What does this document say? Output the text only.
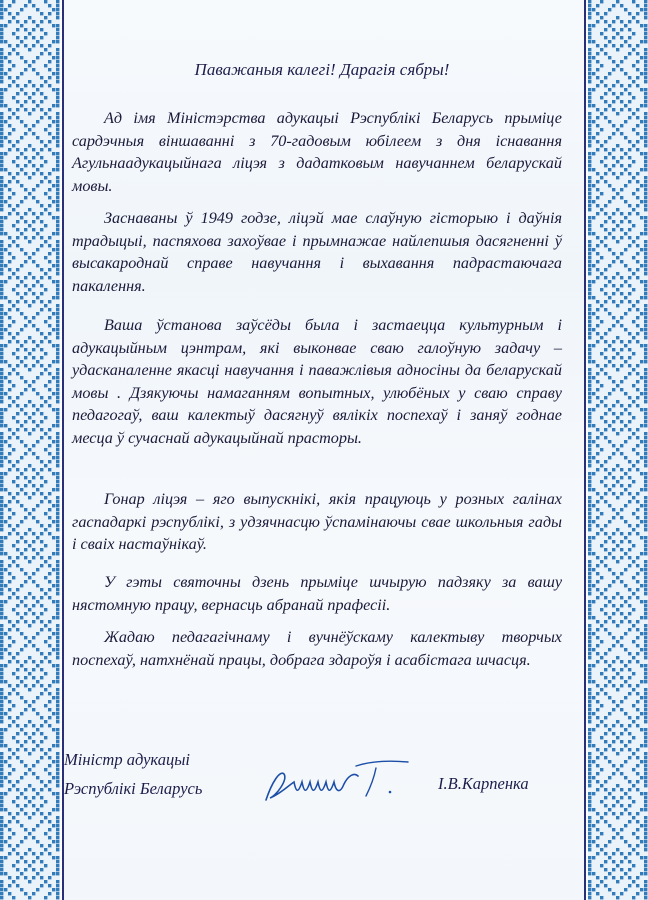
Паважаныя калегі! Дарагія сябры!

Ад імя Міністэрства адукацыі Рэспублікі Беларусь прыміце сардэчныя віншаванні з 70-гадовым юбілеем з дня існавання Агульнаадукацыйнага ліцэя з дадатковым навучаннем беларускай мовы.

Заснаваны ў 1949 годзе, ліцэй мае слаўную гісторыю і даўнія традыцыі, паспяхова захоўвае і прымнажае найлепшыя дасягненні ў высакароднай справе навучання і выхавання падрастаючага пакалення.

Ваша ўстанова заўсёды была і застаецца культурным і адукацыйным цэнтрам, які выконвае сваю галоўную задачу – удасканаленне якасці навучання і паважлівыя адносіны да беларускай мовы . Дзякуючы намаганням вопытных, улюбёных у сваю справу педагогаў, ваш калектыў дасягнуў вялікіх поспехаў і заняў годнае месца ў сучаснай адукацыйнай прасторы.

Гонар ліцэя – яго выпускнікі, якія працуюць у розных галінах гаспадаркі рэспублікі, з удзячнасцю ўспамінаючы свае школьныя гады і сваіх настаўнікаў.

У гэты святочны дзень прыміце шчырую падзяку за вашу нястомную працу, вернасць абранай прафесіі.

Жадаю педагагічнаму і вучнёўскаму калектыву творчых поспехаў, натхнёнай працы, добрага здароўя і асабістага шчасця.

Міністр адукацыі
Рэспублікі Беларусь	І.В.Карпенка
